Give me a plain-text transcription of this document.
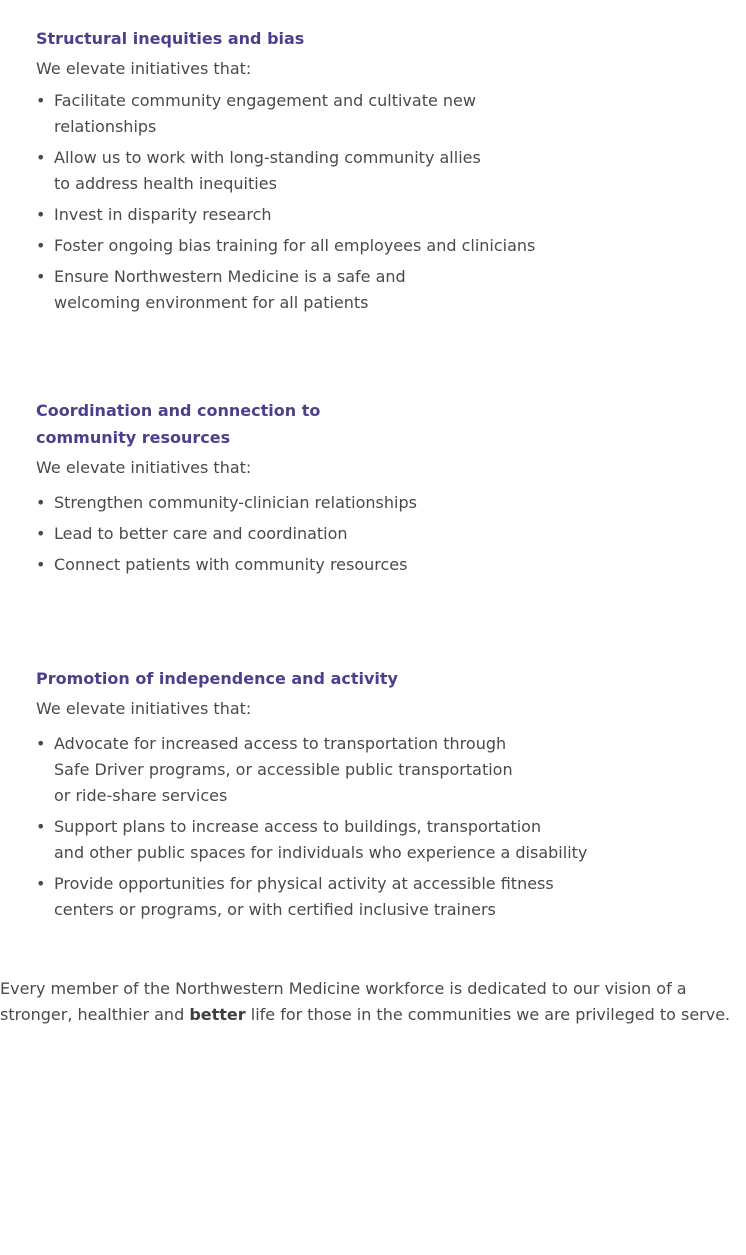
Structural inequities and bias

We elevate initiatives that:

• Facilitate community engagement and cultivate new
relationships
• Allow us to work with long-standing community allies
to address health inequities
• Invest in disparity research
• Foster ongoing bias training for all employees and clinicians
• Ensure Northwestern Medicine is a safe and
welcoming environment for all patients
Coordination and connection to
community resources

We elevate initiatives that:

• Strengthen community-clinician relationships
• Lead to better care and coordination
• Connect patients with community resources
Promotion of independence and activity

We elevate initiatives that:

• Advocate for increased access to transportation through
Safe Driver programs, or accessible public transportation
or ride-share services
• Support plans to increase access to buildings, transportation
and other public spaces for individuals who experience a disability
• Provide opportunities for physical activity at accessible fitness
centers or programs, or with certified inclusive trainers

Every member of the Northwestern Medicine workforce is dedicated to our vision of a
stronger, healthier and better life for those in the communities we are privileged to serve.
